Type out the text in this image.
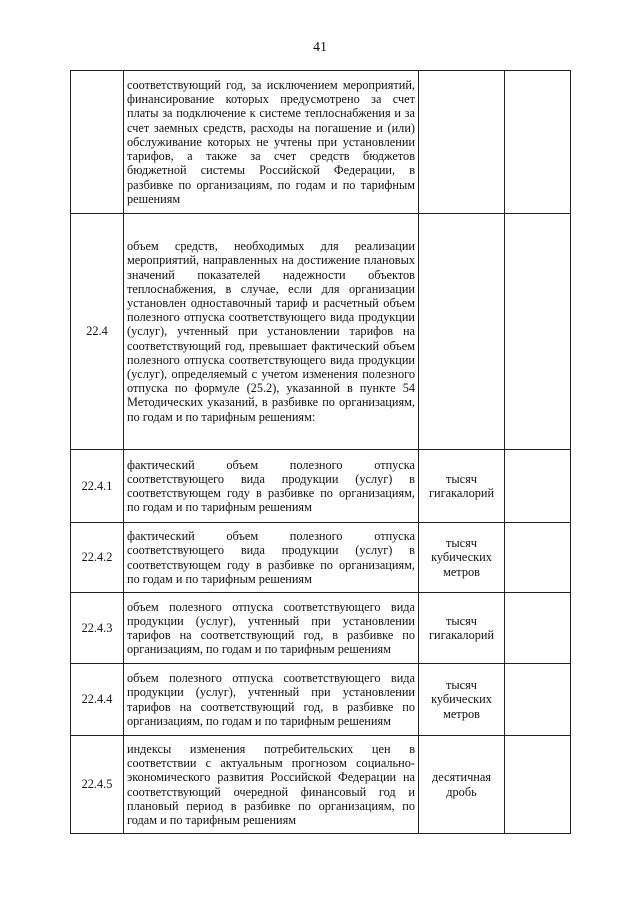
41
	соответствующий год, за исключением мероприятий, финансирование которых предусмотрено за счет платы за подключение к системе теплоснабжения и за счет заемных средств, расходы на погашение и (или) обслуживание которых не учтены при установлении тарифов, а также за счет средств бюджетов бюджетной системы Российской Федерации, в разбивке по организациям, по годам и по тарифным решениям		
22.4	объем средств, необходимых для реализации мероприятий, направленных на достижение плановых значений показателей надежности объектов теплоснабжения, в случае, если для организации установлен одноставочный тариф и расчетный объем полезного отпуска соответствующего вида продукции (услуг), учтенный при установлении тарифов на соответствующий год, превышает фактический объем полезного отпуска соответствующего вида продукции (услуг), определяемый с учетом изменения полезного отпуска по формуле (25.2), указанной в пункте 54 Методических указаний, в разбивке по организациям, по годам и по тарифным решениям:		
22.4.1	фактический объем полезного отпуска соответствующего вида продукции (услуг) в соответствующем году в разбивке по организациям, по годам и по тарифным решениям	тысяч гигакалорий	
22.4.2	фактический объем полезного отпуска соответствующего вида продукции (услуг) в соответствующем году в разбивке по организациям, по годам и по тарифным решениям	тысяч кубических метров	
22.4.3	объем полезного отпуска соответствующего вида продукции (услуг), учтенный при установлении тарифов на соответствующий год, в разбивке по организациям, по годам и по тарифным решениям	тысяч гигакалорий	
22.4.4	объем полезного отпуска соответствующего вида продукции (услуг), учтенный при установлении тарифов на соответствующий год, в разбивке по организациям, по годам и по тарифным решениям	тысяч кубических метров	
22.4.5	индексы изменения потребительских цен в соответствии с актуальным прогнозом социально-экономического развития Российской Федерации на соответствующий очередной финансовый год и плановый период в разбивке по организациям, по годам и по тарифным решениям	десятичная дробь	
